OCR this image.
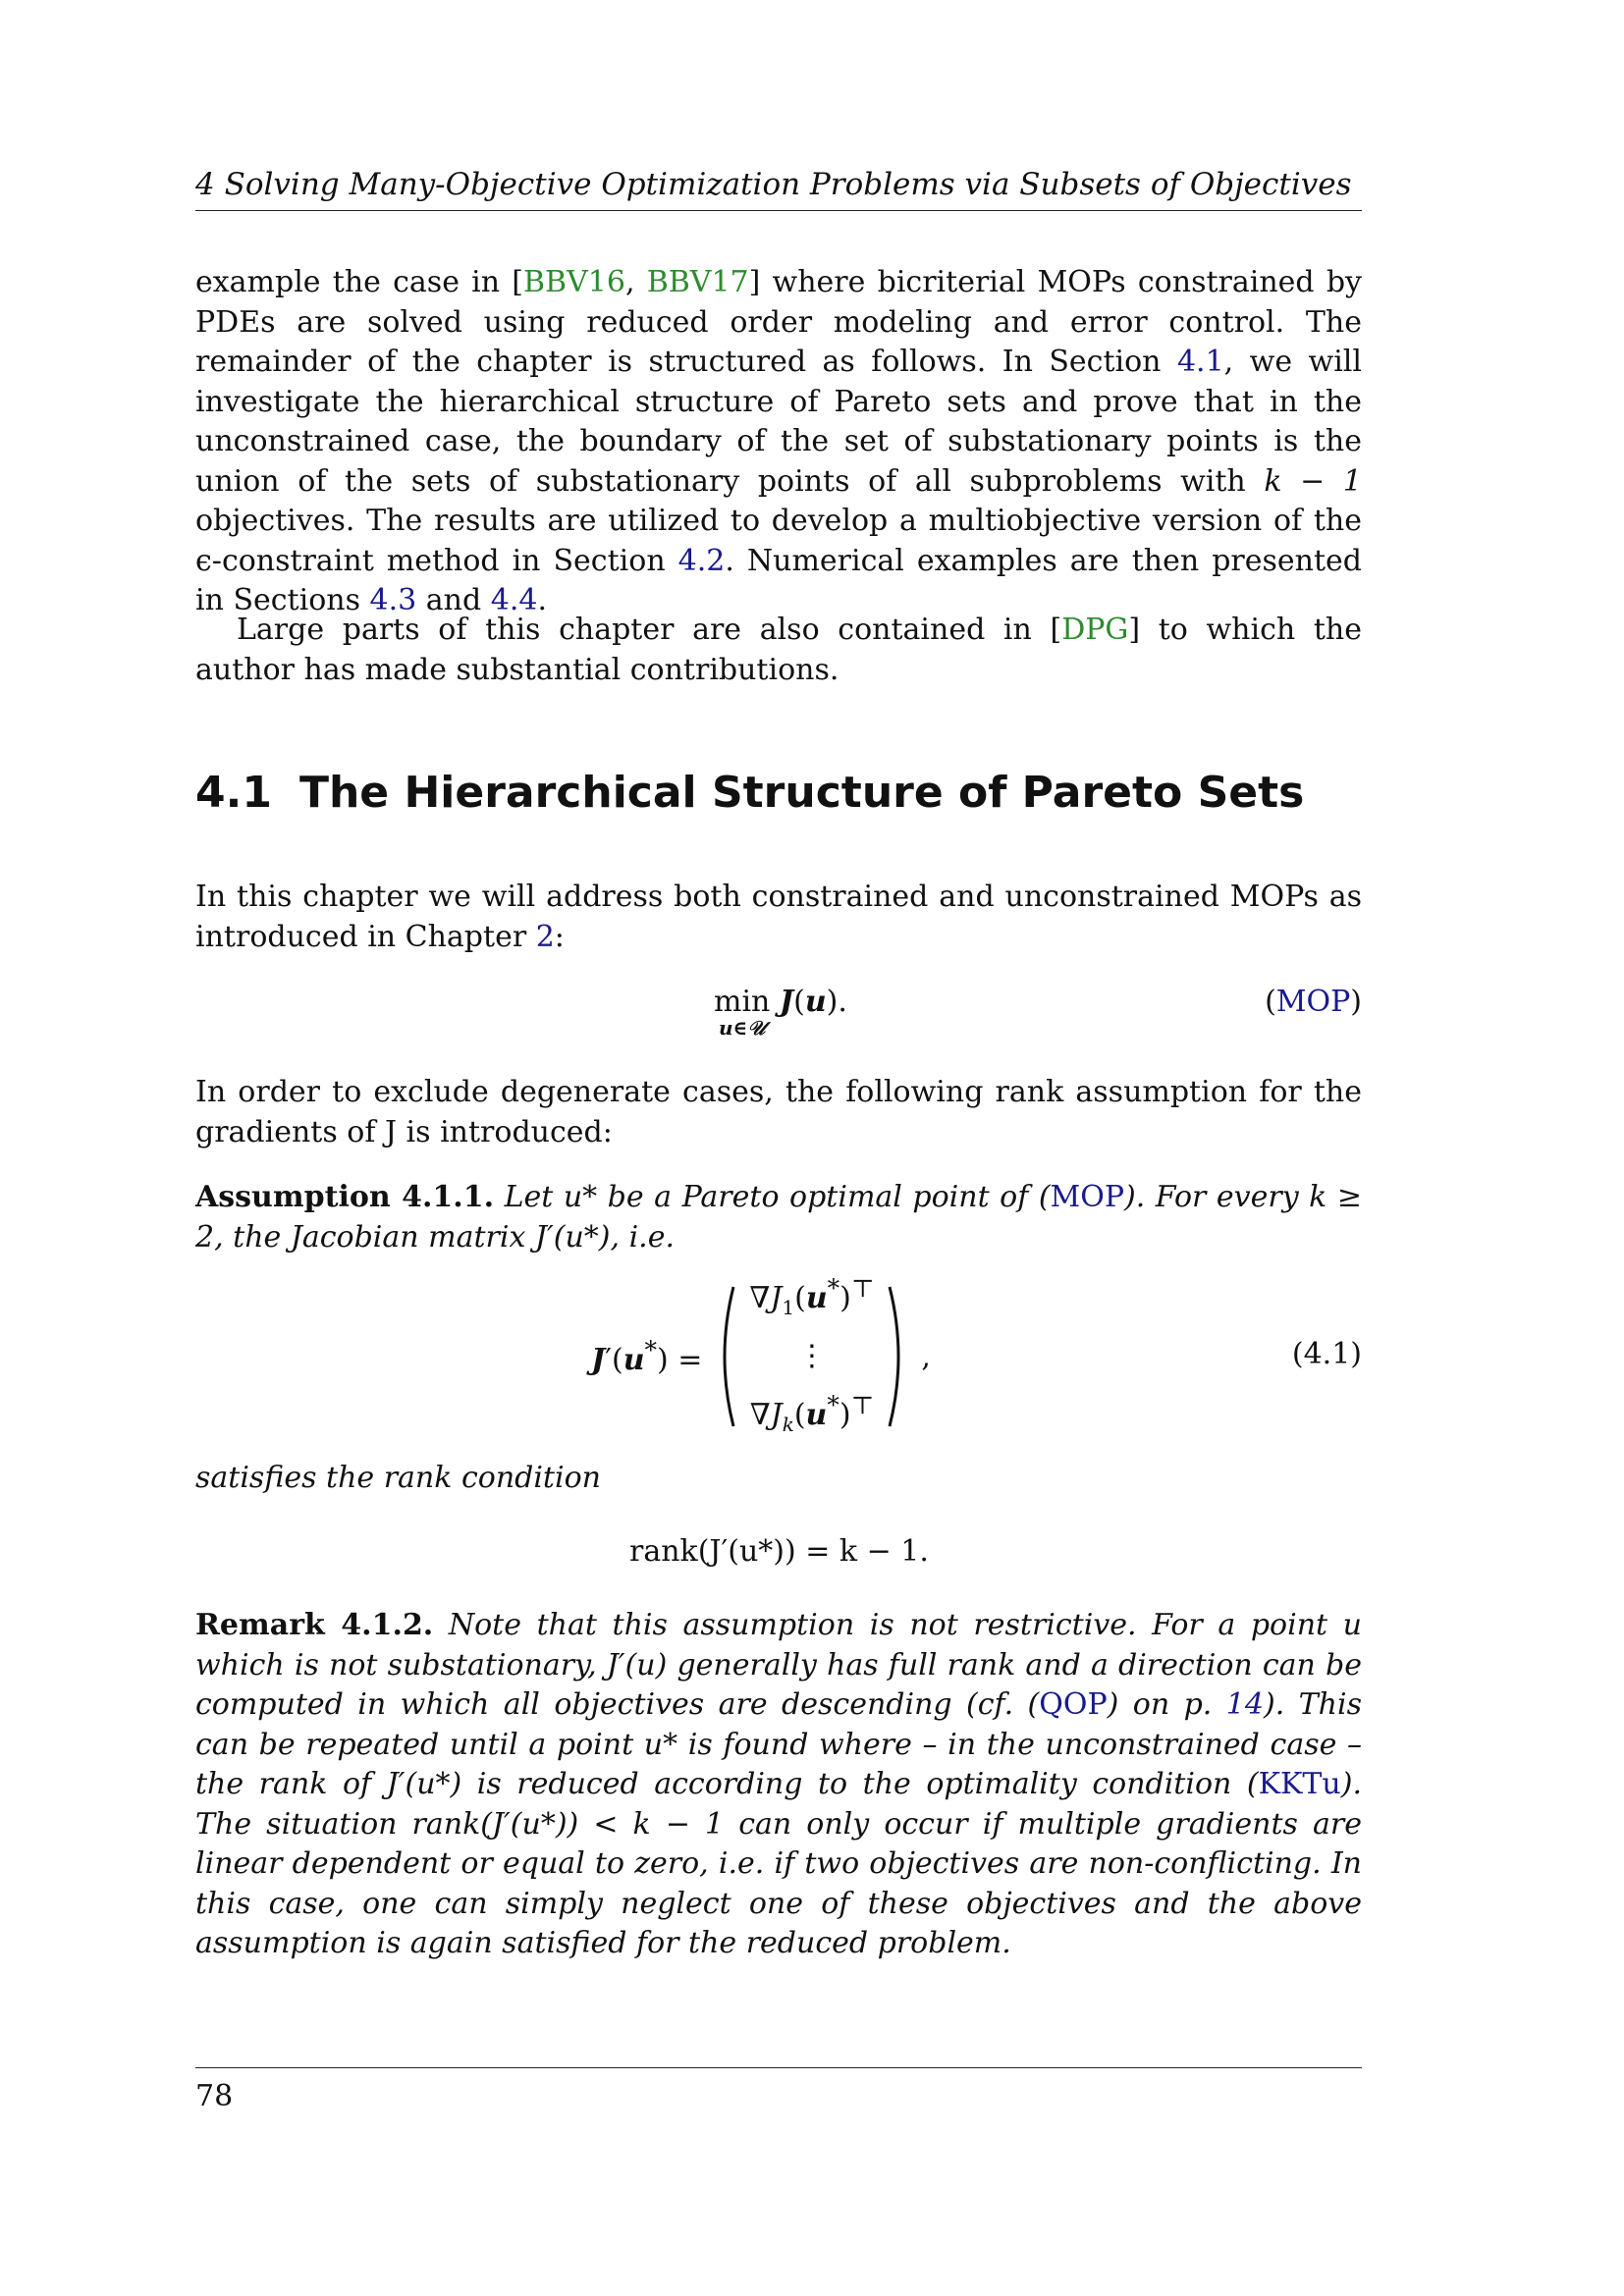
4 Solving Many-Objective Optimization Problems via Subsets of Objectives
example the case in [BBV16, BBV17] where bicriterial MOPs constrained by PDEs are solved using reduced order modeling and error control. The remainder of the chapter is structured as follows. In Section 4.1, we will investigate the hierarchical structure of Pareto sets and prove that in the unconstrained case, the boundary of the set of substationary points is the union of the sets of substationary points of all subproblems with k − 1 objectives. The results are utilized to develop a multiobjective version of the ϵ-constraint method in Section 4.2. Numerical examples are then presented in Sections 4.3 and 4.4.
Large parts of this chapter are also contained in [DPG] to which the author has made substantial contributions.
4.1 The Hierarchical Structure of Pareto Sets
In this chapter we will address both constrained and unconstrained MOPs as introduced in Chapter 2:
min
u∈𝒰
J(u).	(MOP)
In order to exclude degenerate cases, the following rank assumption for the gradients of J is introduced:
Assumption 4.1.1. Let u* be a Pareto optimal point of (MOP). For every k ≥ 2, the Jacobian matrix J′(u*), i.e.
J′(u*) =
$\nabla J_1(u^*)^⊤$
⋮
$\nabla J_k(u^*)^⊤$
,	(4.1)
satisfies the rank condition
rank(J′(u*)) = k − 1.
Remark 4.1.2. Note that this assumption is not restrictive. For a point u which is not substationary, J′(u) generally has full rank and a direction can be computed in which all objectives are descending (cf. (QOP) on p. 14). This can be repeated until a point u* is found where – in the unconstrained case – the rank of J′(u*) is reduced according to the optimality condition (KKTu). The situation rank(J′(u*)) < k − 1 can only occur if multiple gradients are linear dependent or equal to zero, i.e. if two objectives are non-conflicting. In this case, one can simply neglect one of these objectives and the above assumption is again satisfied for the reduced problem.
78
